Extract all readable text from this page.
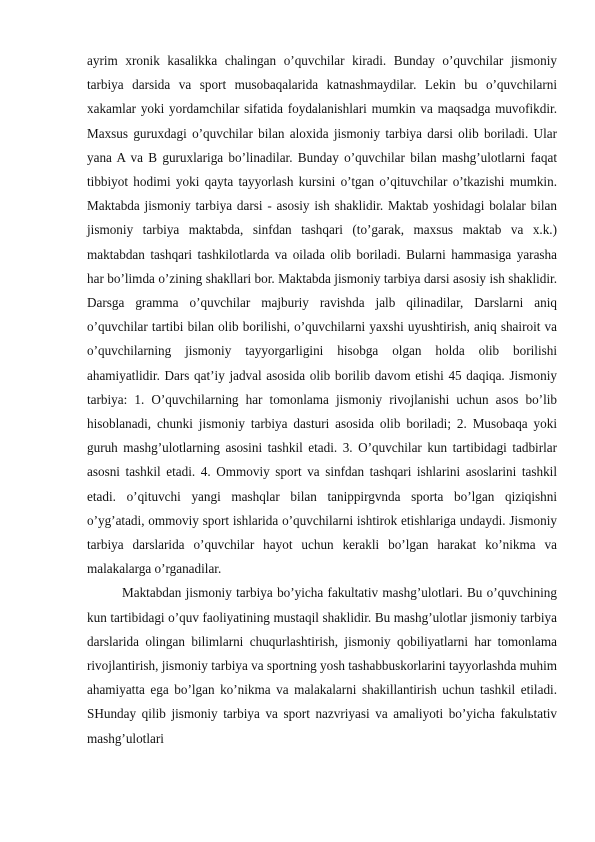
ayrim xronik kasalikka chalingan o’quvchilar kiradi. Bunday o’quvchilar jismoniy tarbiya darsida va sport musobaqalarida katnashmaydilar. Lekin bu o’quvchilarni xakamlar yoki yordamchilar sifatida foydalanishlari mumkin va maqsadga muvofikdir. Maxsus guruxdagi o’quvchilar bilan aloxida jismoniy tarbiya darsi olib boriladi. Ular yana A va B guruxlariga bo’linadilar. Bunday o’quvchilar bilan mashg’ulotlarni faqat tibbiyot hodimi yoki qayta tayyorlash kursini o’tgan o’qituvchilar o’tkazishi mumkin. Maktabda jismoniy tarbiya darsi - asosiy ish shaklidir. Maktab yoshidagi bolalar bilan jismoniy tarbiya maktabda, sinfdan tashqari (to’garak, maxsus maktab va x.k.) maktabdan tashqari tashkilotlarda va oilada olib boriladi. Bularni hammasiga yarasha har bo’limda o’zining shakllari bor. Maktabda jismoniy tarbiya darsi asosiy ish shaklidir. Darsga gramma o’quvchilar majburiy ravishda jalb qilinadilar, Darslarni aniq o’quvchilar tartibi bilan olib borilishi, o’quvchilarni yaxshi uyushtirish, aniq shairoit va o’quvchilarning jismoniy tayyorgarligini hisobga olgan holda olib borilishi ahamiyatlidir. Dars qat’iy jadval asosida olib borilib davom etishi 45 daqiqa. Jismoniy tarbiya: 1. O’quvchilarning har tomonlama jismoniy rivojlanishi uchun asos bo’lib hisoblanadi, chunki jismoniy tarbiya dasturi asosida olib boriladi; 2. Musobaqa yoki guruh mashg’ulotlarning asosini tashkil etadi. 3. O’quvchilar kun tartibidagi tadbirlar asosni tashkil etadi. 4. Ommoviy sport va sinfdan tashqari ishlarini asoslarini tashkil etadi. o’qituvchi yangi mashqlar bilan tanippirgvnda sporta bo’lgan qiziqishni o’yg’atadi, ommoviy sport ishlarida o’quvchilarni ishtirok etishlariga undaydi. Jismoniy tarbiya darslarida o’quvchilar hayot uchun kerakli bo’lgan harakat ko’nikma va malakalarga o’rganadilar.

Maktabdan jismoniy tarbiya bo’yicha fakultativ mashg’ulotlari. Bu o’quvchining kun tartibidagi o’quv faoliyatining mustaqil shaklidir. Bu mashg’ulotlar jismoniy tarbiya darslarida olingan bilimlarni chuqurlashtirish, jismoniy qobiliyatlarni har tomonlama rivojlantirish, jismoniy tarbiya va sportning yosh tashabbuskorlarini tayyorlashda muhim ahamiyatta ega bo’lgan ko’nikma va malakalarni shakillantirish uchun tashkil etiladi. SHunday qilib jismoniy tarbiya va sport nazvriyasi va amaliyoti bo’yicha fakulьtativ mashg’ulotlari
